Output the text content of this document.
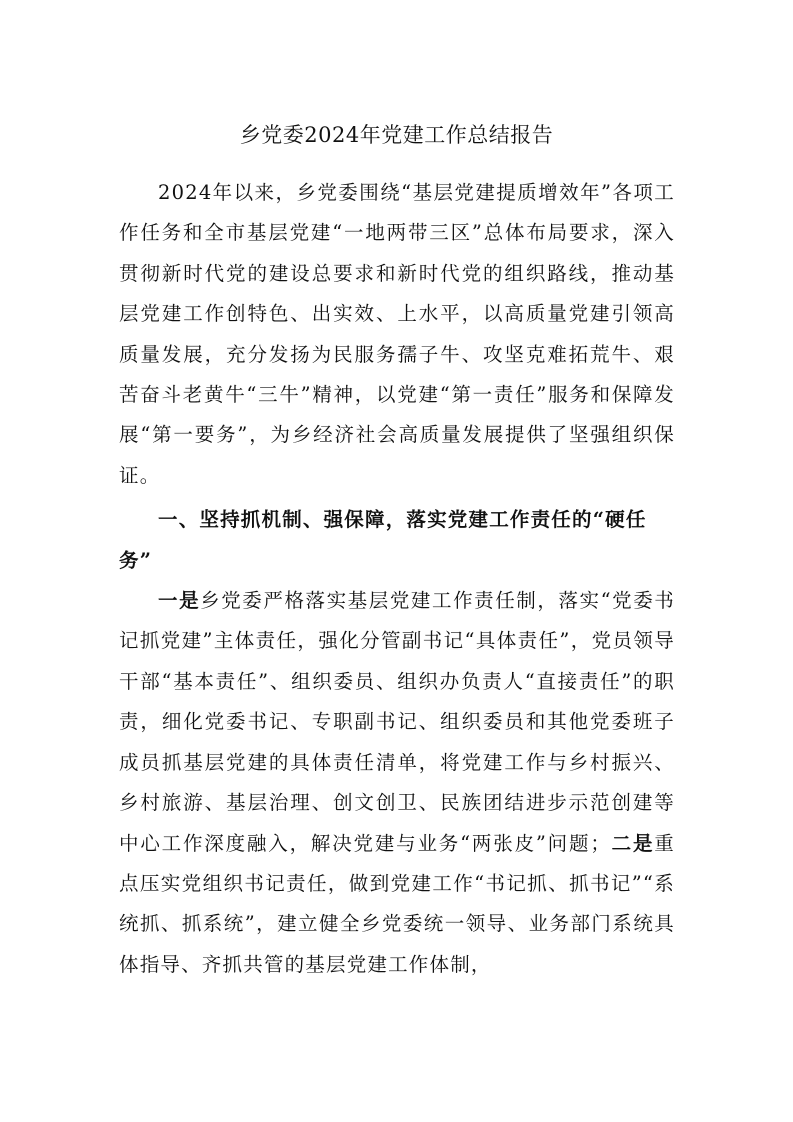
乡党委2024年党建工作总结报告

2024年以来，乡党委围绕“基层党建提质增效年”各项工作任务和全市基层党建“一地两带三区”总体布局要求，深入贯彻新时代党的建设总要求和新时代党的组织路线，推动基层党建工作创特色、出实效、上水平，以高质量党建引领高质量发展，充分发扬为民服务孺子牛、攻坚克难拓荒牛、艰苦奋斗老黄牛“三牛”精神，以党建“第一责任”服务和保障发展“第一要务”，为乡经济社会高质量发展提供了坚强组织保证。

一、坚持抓机制、强保障，落实党建工作责任的“硬任务”

一是乡党委严格落实基层党建工作责任制，落实“党委书记抓党建”主体责任，强化分管副书记“具体责任”，党员领导干部“基本责任”、组织委员、组织办负责人“直接责任”的职责，细化党委书记、专职副书记、组织委员和其他党委班子成员抓基层党建的具体责任清单，将党建工作与乡村振兴、乡村旅游、基层治理、创文创卫、民族团结进步示范创建等中心工作深度融入，解决党建与业务“两张皮”问题；二是重点压实党组织书记责任，做到党建工作“书记抓、抓书记”“系统抓、抓系统”，建立健全乡党委统一领导、业务部门系统具体指导、齐抓共管的基层党建工作体制，
